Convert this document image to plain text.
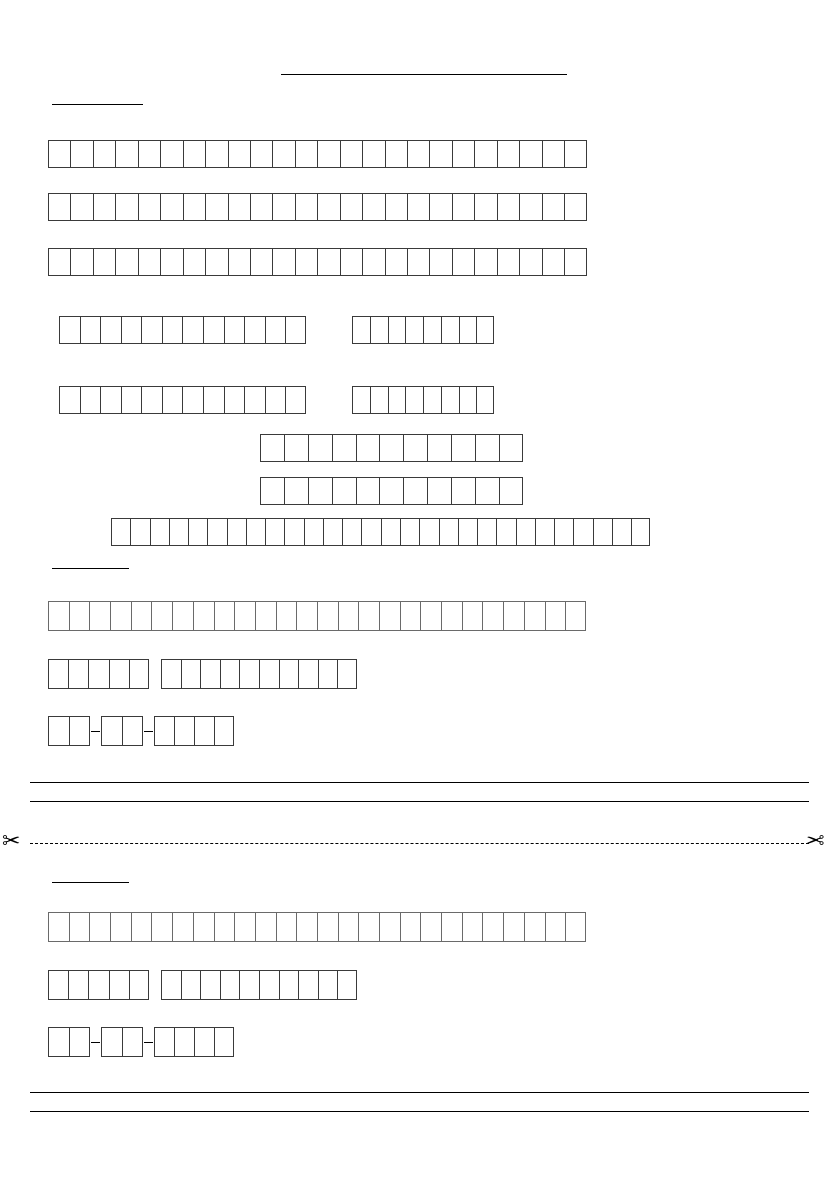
✂	✂
